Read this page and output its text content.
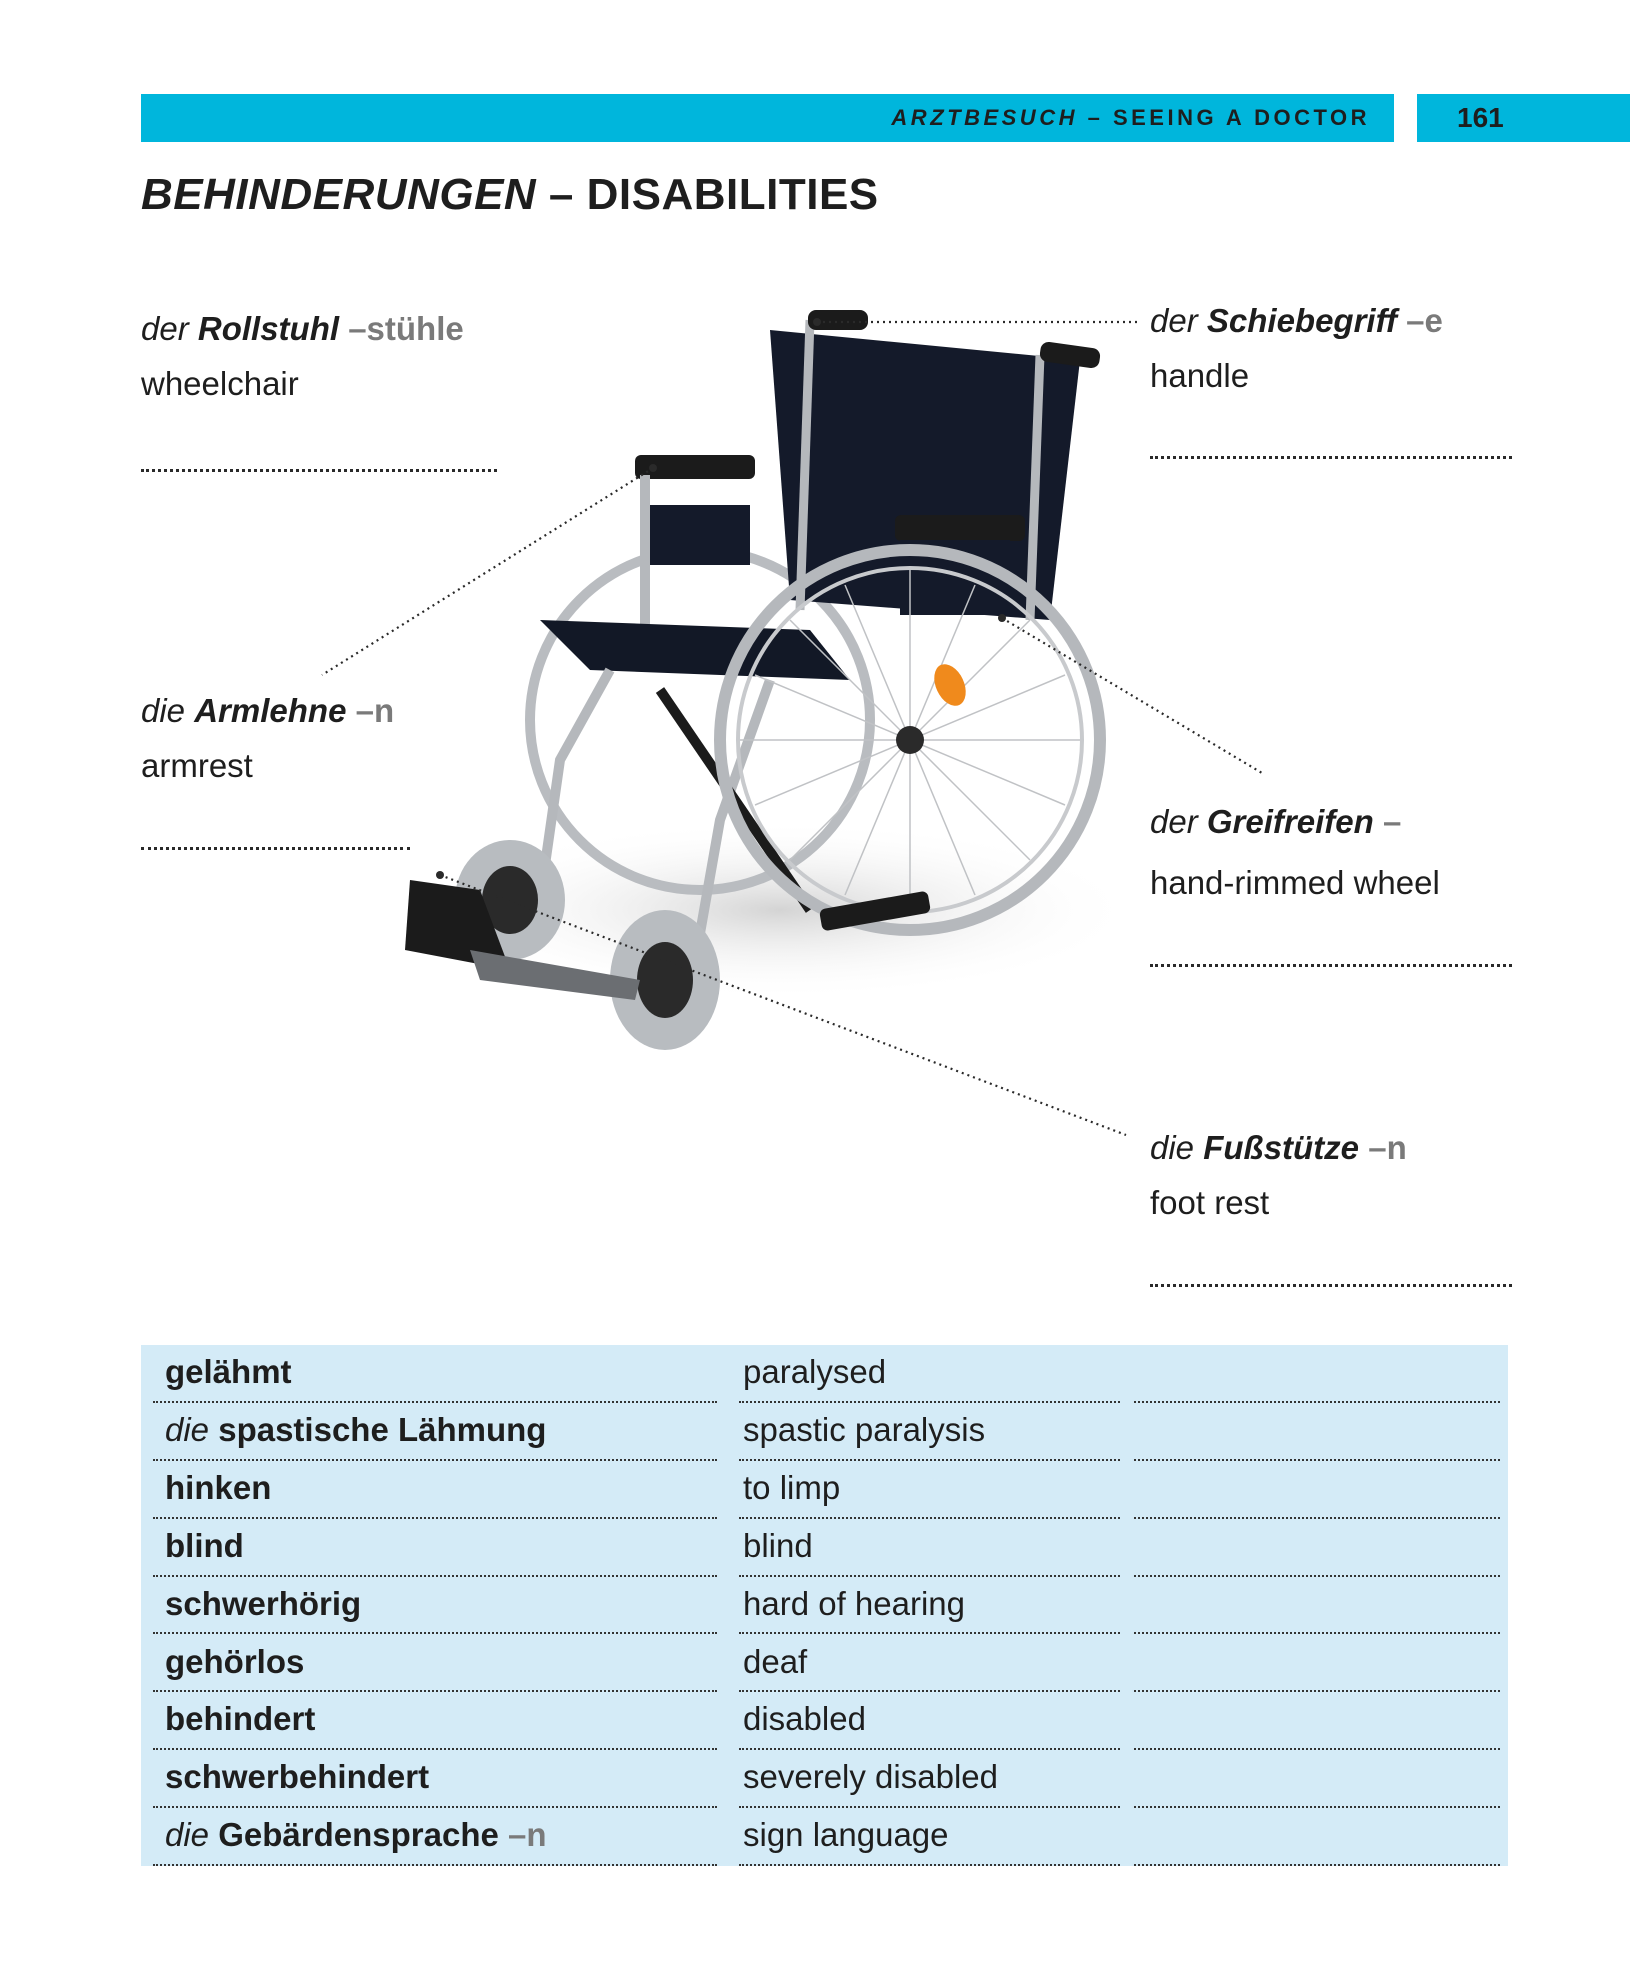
ARZTBESUCH – SEEING A DOCTOR	161
BEHINDERUNGEN – DISABILITIES
der Rollstuhl –stühle
wheelchair
der Schiebegriff –e
handle
die Armlehne –n
armrest
der Greifreifen –
hand-rimmed wheel
die Fußstütze –n
foot rest
gelähmt	paralysed
die spastische Lähmung	spastic paralysis
hinken	to limp
blind	blind
schwerhörig	hard of hearing
gehörlos	deaf
behindert	disabled
schwerbehindert	severely disabled
die Gebärdensprache –n	sign language
